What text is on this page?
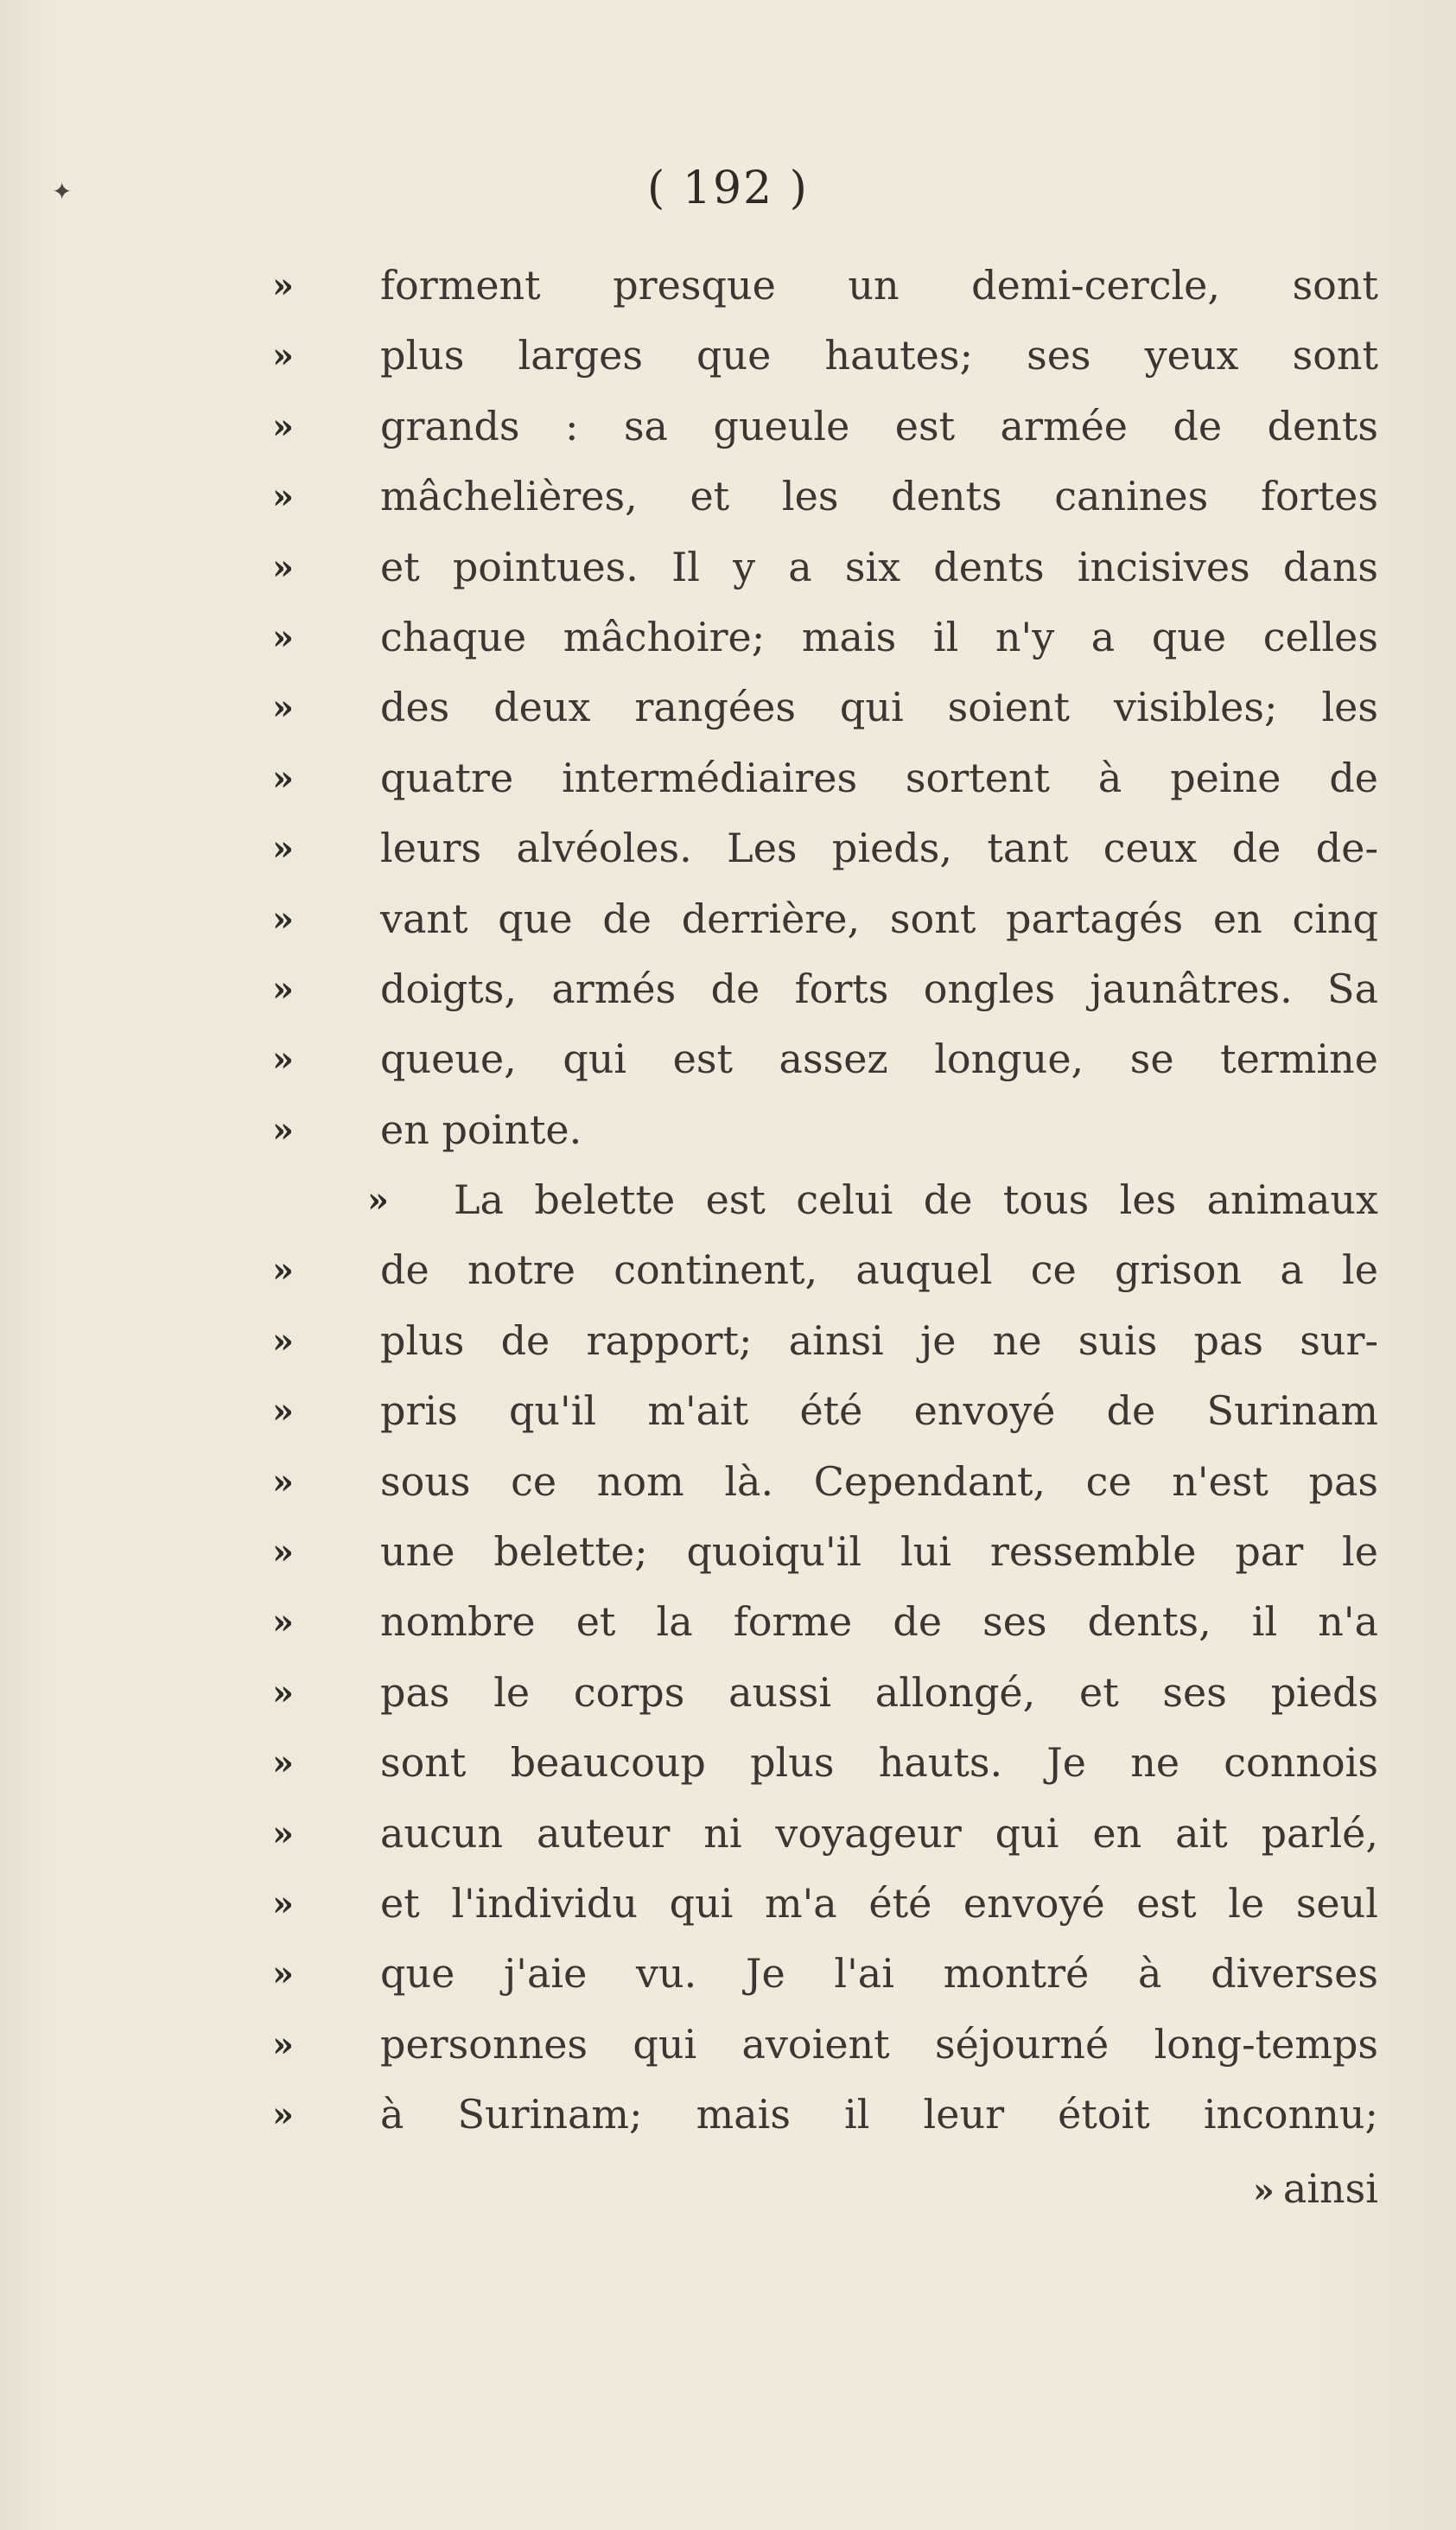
✦	( 192 )
» forment presque un demi-cercle, sont
» plus larges que hautes; ses yeux sont
» grands : sa gueule est armée de dents
» mâchelières, et les dents canines fortes
» et pointues. Il y a six dents incisives dans
» chaque mâchoire; mais il n'y a que celles
» des deux rangées qui soient visibles; les
» quatre intermédiaires sortent à peine de
» leurs alvéoles. Les pieds, tant ceux de de-
» vant que de derrière, sont partagés en cinq
» doigts, armés de forts ongles jaunâtres. Sa
» queue, qui est assez longue, se termine
» en pointe.
» La belette est celui de tous les animaux
» de notre continent, auquel ce grison a le
» plus de rapport; ainsi je ne suis pas sur-
» pris qu'il m'ait été envoyé de Surinam
» sous ce nom là. Cependant, ce n'est pas
» une belette; quoiqu'il lui ressemble par le
» nombre et la forme de ses dents, il n'a
» pas le corps aussi allongé, et ses pieds
» sont beaucoup plus hauts. Je ne connois
» aucun auteur ni voyageur qui en ait parlé,
» et l'individu qui m'a été envoyé est le seul
» que j'aie vu. Je l'ai montré à diverses
» personnes qui avoient séjourné long-temps
» à Surinam; mais il leur étoit inconnu;
» ainsi
